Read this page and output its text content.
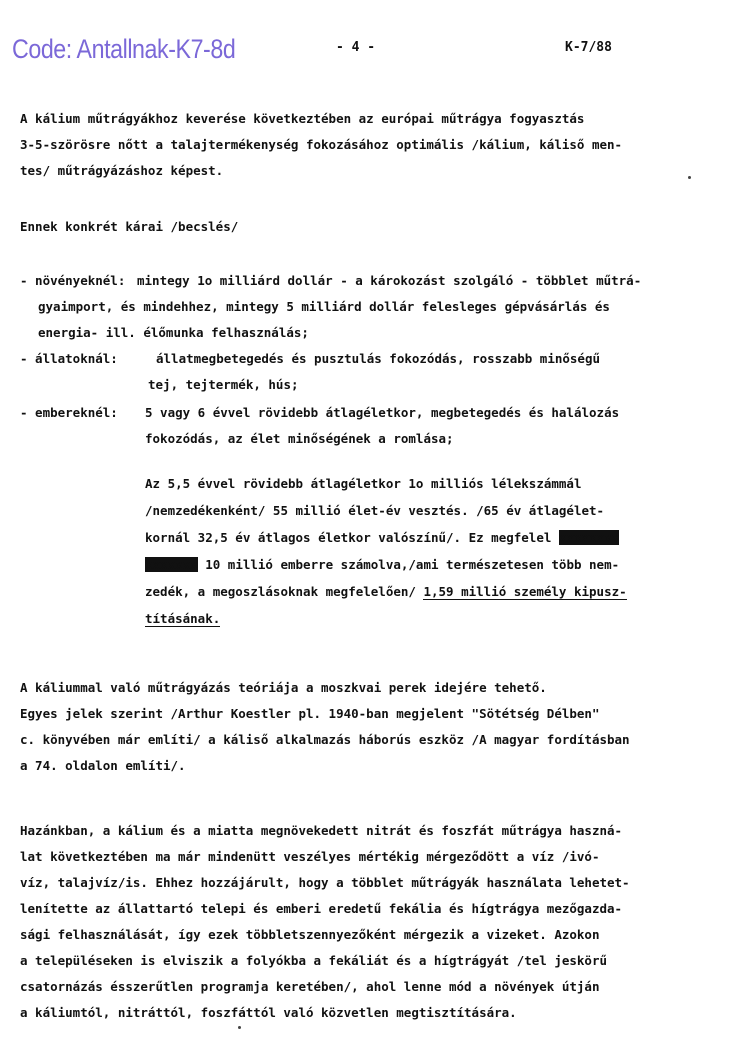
Code: Antallnak-K7-8d	- 4 -	K-7/88
A kálium műtrágyákhoz keverése következtében az európai műtrágya fogyasztás
3-5-szörösre nőtt a talajtermékenység fokozásához optimális /kálium, káliső men-
tes/ műtrágyázáshoz képest.
Ennek konkrét kárai /becslés/
- növényeknél: mintegy 1o milliárd dollár - a károkozást szolgáló - többlet műtrá-
gyaimport, és mindehhez, mintegy 5 milliárd dollár felesleges gépvásárlás és
energia- ill. élőmunka felhasználás;
- állatoknál:	állatmegbetegedés és pusztulás fokozódás, rosszabb minőségű
tej, tejtermék, hús;
- embereknél: 5 vagy 6 évvel rövidebb átlagéletkor, megbetegedés és halálozás
fokozódás, az élet minőségének a romlása;
Az 5,5 évvel rövidebb átlagéletkor 1o milliós lélekszámmál
/nemzedékenként/ 55 millió élet-év vesztés. /65 év átlagélet-
kornál 32,5 év átlagos életkor valószínű/. Ez megfelel xxxxxxxx
xxxxxxx 10 millió emberre számolva,/ami természetesen több nem-
zedék, a megoszlásoknak megfelelően/ 1,59 millió személy kipusz-
tításának.
A káliummal való műtrágyázás teóriája a moszkvai perek idejére tehető.
Egyes jelek szerint /Arthur Koestler pl. 1940-ban megjelent "Sötétség Délben"
c. könyvében már említi/ a káliső alkalmazás háborús eszköz /A magyar fordításban
a 74. oldalon említi/.
Hazánkban, a kálium és a miatta megnövekedett nitrát és foszfát műtrágya haszná-
lat következtében ma már mindenütt veszélyes mértékig mérgeződött a víz /ivó-
víz, talajvíz/is. Ehhez hozzájárult, hogy a többlet műtrágyák használata lehetet-
lenítette az állattartó telepi és emberi eredetű fekália és hígtrágya mezőgazda-
sági felhasználását, így ezek többletszennyezőként mérgezik a vizeket. Azokon
a településeken is elviszik a folyókba a fekáliát és a hígtrágyát /tel jeskörű
csatornázás ésszerűtlen programja keretében/, ahol lenne mód a növények útján
a káliumtól, nitráttól, foszfáttól való közvetlen megtisztítására.
